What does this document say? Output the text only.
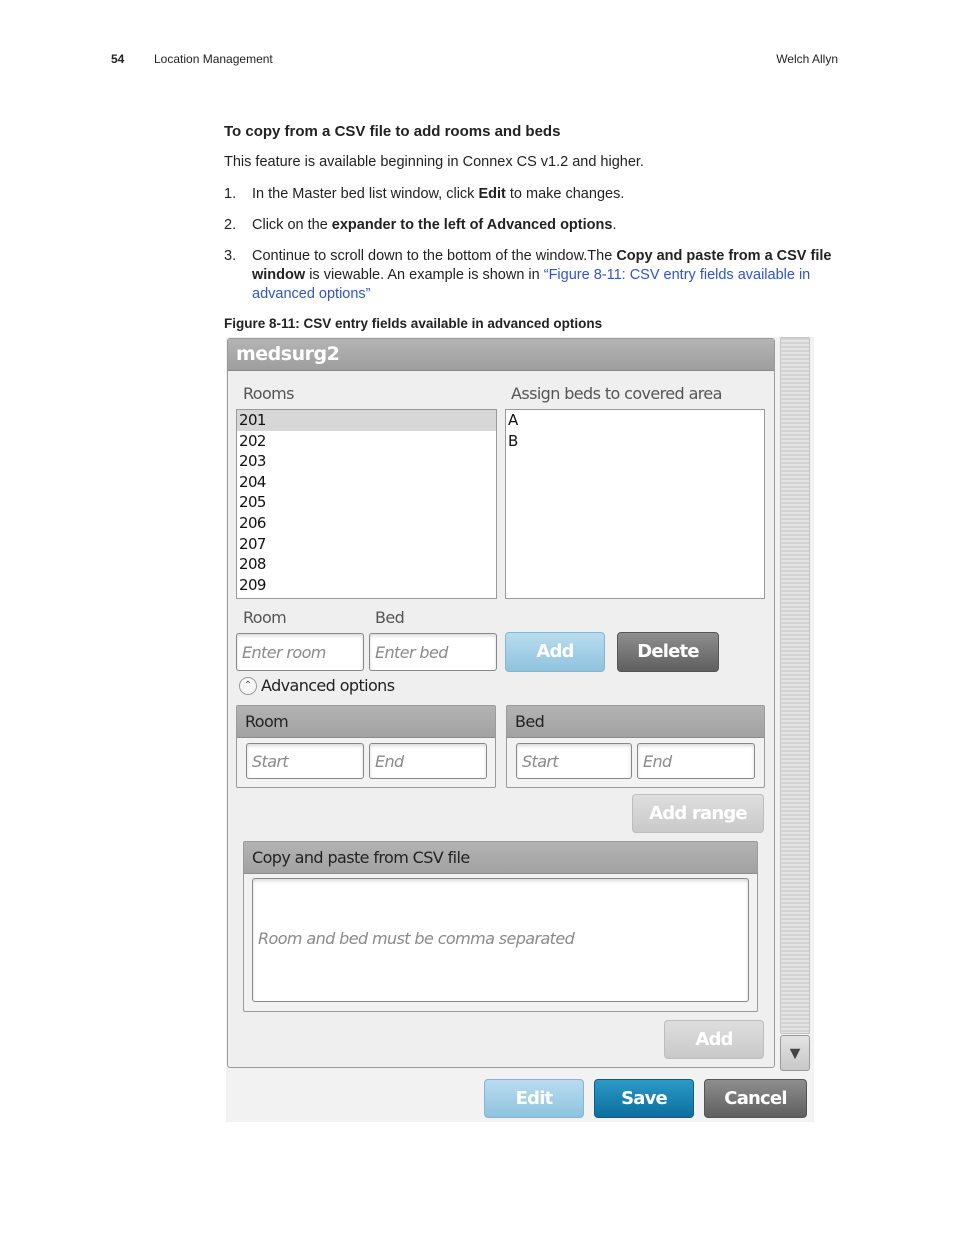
54 Location Management	Welch Allyn
To copy from a CSV file to add rooms and beds
This feature is available beginning in Connex CS v1.2 and higher.
1. In the Master bed list window, click Edit to make changes.
2. Click on the expander to the left of Advanced options.
3. Continue to scroll down to the bottom of the window.The Copy and paste from a CSV file window is viewable. An example is shown in “Figure 8-11: CSV entry fields available in advanced options”
Figure 8-11: CSV entry fields available in advanced options
medsurg2
Rooms	Assign beds to covered area
201
202
203
204
205
206
207
208
209
A
B
Room	Bed
Enter room	Enter bed	Add	Delete
⌃ Advanced options
Room
Start	End
Bed
Start	End
Add range
Copy and paste from CSV file
Room and bed must be comma separated
Add
▼
Edit	Save	Cancel
